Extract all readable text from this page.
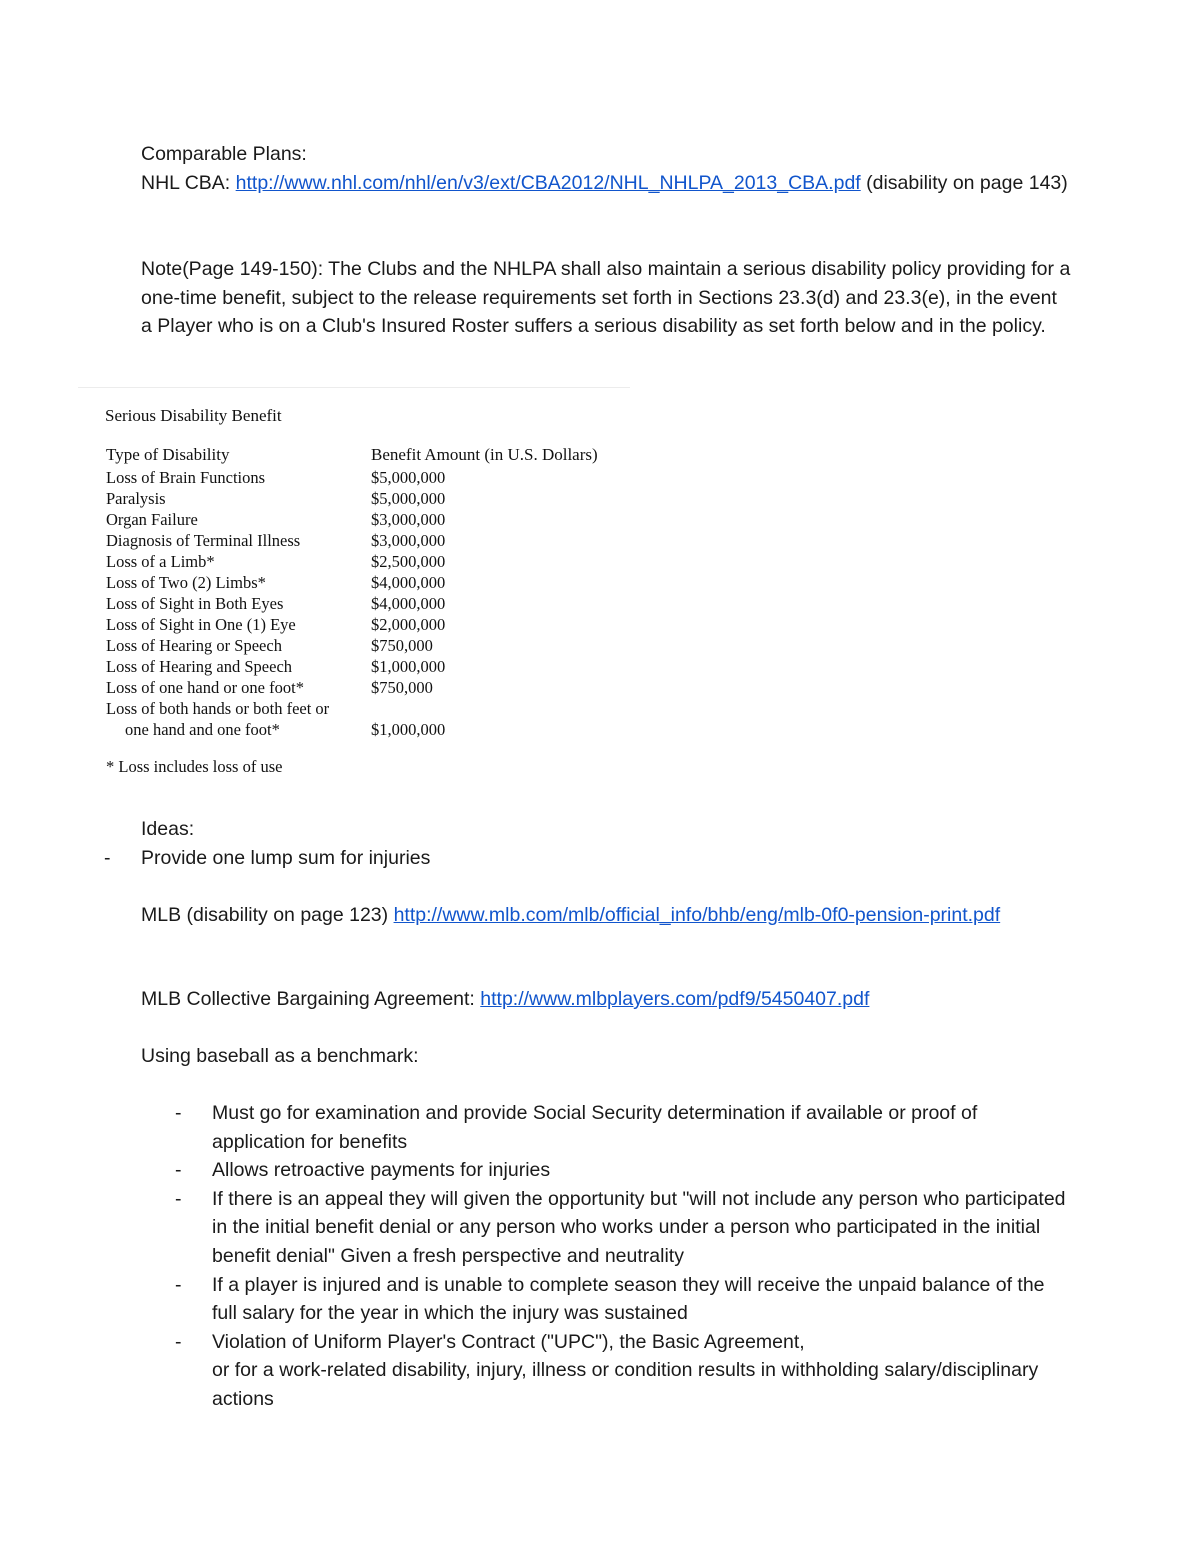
Comparable Plans:

NHL CBA: http://www.nhl.com/nhl/en/v3/ext/CBA2012/NHL_NHLPA_2013_CBA.pdf (disability on page 143)

Note(Page 149-150): The Clubs and the NHLPA shall also maintain a serious disability policy providing for a one-time benefit, subject to the release requirements set forth in Sections 23.3(d) and 23.3(e), in the event a Player who is on a Club's Insured Roster suffers a serious disability as set forth below and in the policy.

Serious Disability Benefit
Type of Disability	Benefit Amount (in U.S. Dollars)
Loss of Brain Functions	$5,000,000
Paralysis	$5,000,000
Organ Failure	$3,000,000
Diagnosis of Terminal Illness	$3,000,000
Loss of a Limb*	$2,500,000
Loss of Two (2) Limbs*	$4,000,000
Loss of Sight in Both Eyes	$4,000,000
Loss of Sight in One (1) Eye	$2,000,000
Loss of Hearing or Speech	$750,000
Loss of Hearing and Speech	$1,000,000
Loss of one hand or one foot*	$750,000
Loss of both hands or both feet or
one hand and one foot*	$1,000,000
* Loss includes loss of use

Ideas:

- Provide one lump sum for injuries

MLB (disability on page 123) http://www.mlb.com/mlb/official_info/bhb/eng/mlb-0f0-pension-print.pdf

MLB Collective Bargaining Agreement: http://www.mlbplayers.com/pdf9/5450407.pdf

Using baseball as a benchmark:

- Must go for examination and provide Social Security determination if available or proof of application for benefits
- Allows retroactive payments for injuries
- If there is an appeal they will given the opportunity but "will not include any person who participated in the initial benefit denial or any person who works under a person who participated in the initial benefit denial" Given a fresh perspective and neutrality
- If a player is injured and is unable to complete season they will receive the unpaid balance of the full salary for the year in which the injury was sustained
- Violation of Uniform Player's Contract ("UPC"), the Basic Agreement,
or for a work-related disability, injury, illness or condition results in withholding salary/disciplinary actions
